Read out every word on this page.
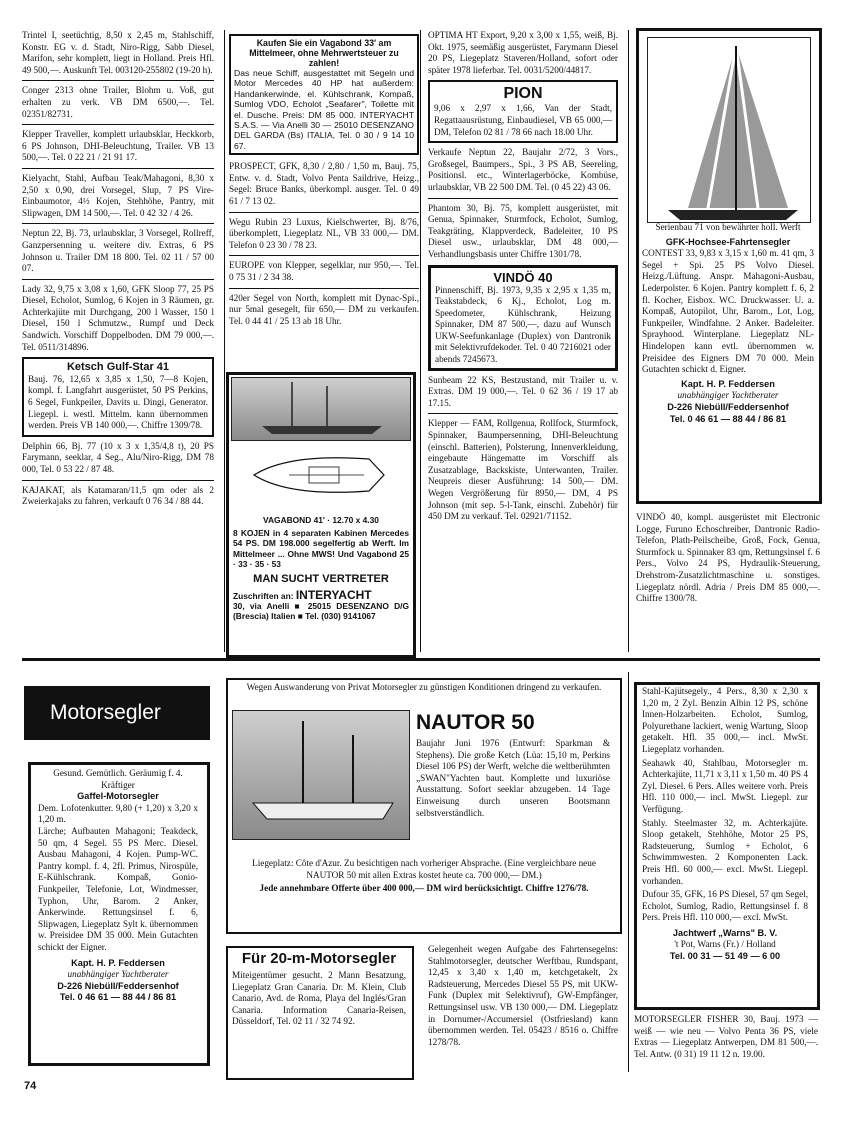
Trintel I, seetüchtig, 8,50 x 2,45 m, Stahlschiff, Konstr. EG v. d. Stadt, Niro-Rigg, Sabb Diesel, Marifon, sehr komplett, liegt in Holland. Preis Hfl. 49 500,—. Auskunft Tel. 003120-255802 (19-20 h).

Conger 2313 ohne Trailer, Blohm u. Voß, gut erhalten zu verk. VB DM 6500,—. Tel. 02351/82731.

Klepper Traveller, komplett urlaubsklar, Heckkorb, 6 PS Johnson, DHI-Beleuchtung, Trailer. VB 13 500,—. Tel. 0 22 21 / 21 91 17.

Kielyacht, Stahl, Aufbau Teak/Mahagoni, 8,30 x 2,50 x 0,90, drei Vorsegel, Slup, 7 PS Vire-Einbaumotor, 4½ Kojen, Stehhöhe, Pantry, mit Slipwagen, DM 14 500,—. Tel. 0 42 32 / 4 26.

Neptun 22, Bj. 73, urlaubsklar, 3 Vorsegel, Rollreff, Ganzpersenning u. weitere div. Extras, 6 PS Johnson u. Trailer DM 18 800. Tel. 02 11 / 57 00 07.

Lady 32, 9,75 x 3,08 x 1,60, GFK Sloop 77, 25 PS Diesel, Echolot, Sumlog, 6 Kojen in 3 Räumen, gr. Achterkajüte mit Durchgang, 200 l Wasser, 150 l Diesel, 150 l Schmutzw., Rumpf und Deck Sandwich. Vorschiff Doppelboden. DM 79 000,—. Tel. 0511/314896.

Ketsch Gulf-Star 41

Bauj. 76, 12,65 x 3,85 x 1,50, 7—8 Kojen, kompl. f. Langfahrt ausgerüstet, 50 PS Perkins, 6 Segel, Funkpeiler, Davits u. Dingi, Generator. Liegepl. i. westl. Mittelm. kann übernommen werden. Preis VB 140 000,—. Chiffre 1309/78.

Delphin 66, Bj. 77 (10 x 3 x 1,35/4,8 t), 20 PS Farymann, seeklar, 4 Seg., Alu/Niro-Rigg, DM 78 000, Tel. 0 53 22 / 87 48.

KAJAKAT, als Katamaran/11,5 qm oder als 2 Zweierkajaks zu fahren, verkauft 0 76 34 / 88 44.

Kaufen Sie ein Vagabond 33' am Mittelmeer, ohne Mehrwertsteuer zu zahlen!

Das neue Schiff, ausgestattet mit Segeln und Motor Mercedes 40 HP hat außerdem: Handankerwinde, el. Kühlschrank, Kompaß, Sumlog VDO, Echolot „Seafarer", Toilette mit el. Dusche. Preis: DM 85 000. INTERYACHT S.A.S. — Via Anelli 30 — 25010 DESENZANO DEL GARDA (Bs) ITALIA, Tel. 0 30 / 9 14 10 67.

PROSPECT, GFK, 8,30 / 2,80 / 1,50 m, Bauj. 75, Entw. v. d. Stadt, Volvo Penta Saildrive, Heizg., Segel: Bruce Banks, überkompl. ausger. Tel. 0 49 61 / 7 13 02.

Wegu Rubin 23 Luxus, Kielschwerter, Bj. 8/76, überkomplett, Liegeplatz NL, VB 33 000,— DM. Telefon 0 23 30 / 78 23.

EUROPE von Klepper, segelklar, nur 950,—. Tel. 0 75 31 / 2 34 38.

420er Segel von North, komplett mit Dynac-Spi., nur 5mal gesegelt, für 650,— DM zu verkaufen. Tel. 0 44 41 / 25 13 ab 18 Uhr.

VAGABOND 41' · 12.70 x 4.30

8 KOJEN in 4 separaten Kabinen Mercedes 54 PS. DM 198.000 segelfertig ab Werft. Im Mittelmeer ... Ohne MWS! Und Vagabond 25 · 33 · 35 · 53

MAN SUCHT VERTRETER

Zuschriften an: INTERYACHT

30, via Anelli ■ 25015 DESENZANO D/G (Brescia) Italien ■ Tel. (030) 9141067

OPTIMA HT Export, 9,20 x 3,00 x 1,55, weiß, Bj. Okt. 1975, seemäßig ausgerüstet, Farymann Diesel 20 PS, Liegeplatz Staveren/Holland, sofort oder später 1978 lieferbar. Tel. 0031/5200/44817.

PION

9,06 x 2,97 x 1,66, Van der Stadt, Regattaausrüstung, Einbaudiesel, VB 65 000,— DM, Telefon 02 81 / 78 66 nach 18.00 Uhr.

Verkaufe Neptun 22, Baujahr 2/72, 3 Vors., Großsegel, Baumpers., Spi., 3 PS AB, Seereling, Positionsl. etc., Winterlagerböcke, Kombüse, urlaubsklar, VB 22 500 DM. Tel. (0 45 22) 43 06.

Phantom 30, Bj. 75, komplett ausgerüstet, mit Genua, Spinnaker, Sturmfock, Echolot, Sumlog, Teakgräting, Klappverdeck, Badeleiter, 10 PS Diesel usw., urlaubsklar, DM 48 000,— Verhandlungsbasis unter Chiffre 1301/78.

VINDÖ 40

Pinnenschiff, Bj. 1973, 9,35 x 2,95 x 1,35 m, Teakstabdeck, 6 Kj., Echolot, Log m. Speedometer, Kühlschrank, Heizung Spinnaker, DM 87 500,—, dazu auf Wunsch UKW-Seefunkanlage (Duplex) von Dantronik mit Selektivrufdekoder. Tel. 0 40 7216021 oder abends 7245673.

Sunbeam 22 KS, Bestzustand, mit Trailer u. v. Extras. DM 19 000,—. Tel. 0 62 36 / 19 17 ab 17.15.

Klepper — FAM, Rollgenua, Rollfock, Sturmfock, Spinnaker, Baumpersenning, DHI-Beleuchtung (einschl. Batterien), Polsterung, Innenverkleidung, eingebaute Hängematte im Vorschiff als Zusatzablage, Backskiste, Unterwanten, Trailer. Neupreis dieser Ausführung: 14 500,— DM. Wegen Vergrößerung für 8950,— DM, 4 PS Johnson (mit sep. 5-l-Tank, einschl. Zubehör) für 450 DM zu verkauf. Tel. 02921/71152.

Serienbau 71 von bewährter holl. Werft

GFK-Hochsee-Fahrtensegler

CONTEST 33, 9,83 x 3,15 x 1,60 m. 41 qm, 3 Segel + Spi. 25 PS Volvo Diesel. Heizg./Lüftung. Anspr. Mahagoni-Ausbau, Lederpolster. 6 Kojen. Pantry komplett f. 6, 2 fl. Kocher, Eisbox. WC. Druckwasser. U. a. Kompaß, Autopilot, Uhr, Barom., Lot, Log, Funkpeiler, Windfahne. 2 Anker. Badeleiter. Sprayhood. Winterplane. Liegeplatz NL-Hindelopen kann evtl. übernommen w. Preisidee des Eigners DM 70 000. Mein Gutachten schickt d. Eigner.

Kapt. H. P. Feddersen

unabhängiger Yachtberater

D-226 Niebüll/Feddersenhof

Tel. 0 46 61 — 88 44 / 86 81

VINDÖ 40, kompl. ausgerüstet mit Electronic Logge, Furuno Echoschreiber, Dantronic Radio-Telefon, Plath-Peilscheibe, Groß, Fock, Genua, Sturmfock u. Spinnaker 83 qm, Rettungsinsel f. 6 Pers., Volvo 24 PS, Hydraulik-Steuerung, Drehstrom-Zusatzlichtmaschine u. sonstiges. Liegeplatz nördl. Adria / Preis DM 85 000,—. Chiffre 1300/78.

Motorsegler

Gesund. Gemütlich. Geräumig f. 4. Kräftiger

Gaffel-Motorsegler

Dem. Lofotenkutter. 9,80 (+ 1,20) x 3,20 x 1,20 m.

Lärche; Aufbauten Mahagoni; Teakdeck, 50 qm, 4 Segel. 55 PS Merc. Diesel. Ausbau Mahagoni, 4 Kojen. Pump-WC. Pantry kompl. f. 4, 2fl. Primus, Nirospüle, E-Kühlschrank. Kompaß, Gonio-Funkpeiler, Telefonie, Lot, Windmesser, Typhon, Uhr, Barom. 2 Anker, Ankerwinde. Rettungsinsel f. 6, Slipwagen, Liegeplatz Sylt k. übernommen w. Preisidee DM 35 000. Mein Gutachten schickt der Eigner.

Kapt. H. P. Feddersen

unabhängiger Yachtberater

D-226 Niebüll/Feddersenhof

Tel. 0 46 61 — 88 44 / 86 81

74

Wegen Auswanderung von Privat Motorsegler zu günstigen Konditionen dringend zu verkaufen.

NAUTOR 50

Baujahr Juni 1976 (Entwurf: Sparkman & Stephens). Die große Ketch (Lüa: 15,10 m, Perkins Diesel 106 PS) der Werft, welche die weltberühmten „SWAN"Yachten baut. Komplette und luxuriöse Ausstattung. Sofort seeklar abzugeben. 14 Tage Einweisung durch unseren Bootsmann selbstverständlich.

Liegeplatz: Côte d'Azur. Zu besichtigen nach vorheriger Absprache. (Eine vergleichbare neue NAUTOR 50 mit allen Extras kostet heute ca. 700 000,— DM.)

Jede annehmbare Offerte über 400 000,— DM wird berücksichtigt. Chiffre 1276/78.

Für 20-m-Motorsegler

Miteigentümer gesucht. 2 Mann Besatzung, Liegeplatz Gran Canaria. Dr. M. Klein, Club Canario, Avd. de Roma, Playa del Inglés/Gran Canaria. Information Canaria-Reisen, Düsseldorf, Tel. 02 11 / 32 74 92.

Gelegenheit wegen Aufgabe des Fahrtensegelns: Stahlmotorsegler, deutscher Werftbau, Rundspant, 12,45 x 3,40 x 1,40 m, ketchgetakelt, 2x Radsteuerung, Mercedes Diesel 55 PS, mit UKW-Funk (Duplex mit Selektivruf), GW-Empfänger, Rettungsinsel usw. VB 130 000,— DM. Liegeplatz in Dornumer-/Accumersiel (Ostfriesland) kann übernommen werden. Tel. 05423 / 8516 o. Chiffre 1278/78.

Stahl-Kajütsegely., 4 Pers., 8,30 x 2,30 x 1,20 m, 2 Zyl. Benzin Albin 12 PS, schöne Innen-Holzarbeiten. Echolot, Sumlog, Polyurethane lackiert, wenig Wartung, Sloop getakelt. Hfl. 35 000,— incl. MwSt. Liegeplatz vorhanden.

Seahawk 40, Stahlbau, Motorsegler m. Achterkajüte, 11,71 x 3,11 x 1,50 m. 40 PS 4 Zyl. Diesel. 6 Pers. Alles weitere vorh. Preis Hfl. 110 000,— incl. MwSt. Liegepl. zur Verfügung.

Stahly. Steelmaster 32, m. Achterkajüte. Sloop getakelt, Stehhöhe, Motor 25 PS, Radsteuerung, Sumlog + Echolot, 6 Schwimmwesten. 2 Komponenten Lack. Preis Hfl. 60 000,— excl. MwSt. Liegepl. vorhanden.

Dufour 35, GFK, 16 PS Diesel, 57 qm Segel, Echolot, Sumlog, Radio, Rettungsinsel f. 8 Pers. Preis Hfl. 110 000,— excl. MwSt.

Jachtwerf „Warns" B. V.

't Pot, Warns (Fr.) / Holland

Tel. 00 31 — 51 49 — 6 00

MOTORSEGLER FISHER 30, Bauj. 1973 — weiß — wie neu — Volvo Penta 36 PS, viele Extras — Liegeplatz Antwerpen, DM 81 500,—. Tel. Antw. (0 31) 19 11 12 n. 19.00.
